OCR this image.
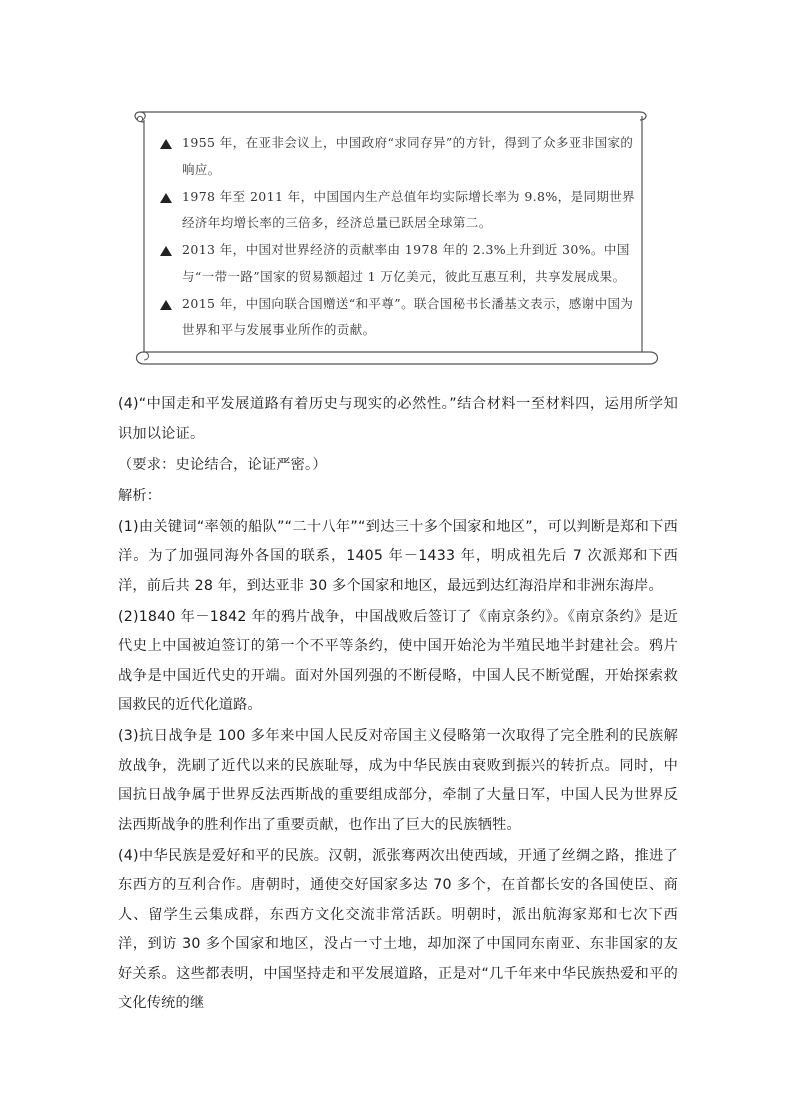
1955 年，在亚非会议上，中国政府“求同存异”的方针，得到了众多亚非国家的响应。
1978 年至 2011 年，中国国内生产总值年均实际增长率为 9.8%，是同期世界经济年均增长率的三倍多，经济总量已跃居全球第二。
2013 年，中国对世界经济的贡献率由 1978 年的 2.3%上升到近 30%。中国与“一带一路”国家的贸易额超过 1 万亿美元，彼此互惠互利，共享发展成果。
2015 年，中国向联合国赠送“和平尊”。联合国秘书长潘基文表示，感谢中国为世界和平与发展事业所作的贡献。

(4)“中国走和平发展道路有着历史与现实的必然性。”结合材料一至材料四，运用所学知识加以论证。

（要求：史论结合，论证严密。）

解析：

(1)由关键词“率领的船队”“二十八年”“到达三十多个国家和地区”，可以判断是郑和下西洋。为了加强同海外各国的联系，1405 年－1433 年，明成祖先后 7 次派郑和下西洋，前后共 28 年，到达亚非 30 多个国家和地区，最远到达红海沿岸和非洲东海岸。

(2)1840 年－1842 年的鸦片战争，中国战败后签订了《南京条约》。《南京条约》是近代史上中国被迫签订的第一个不平等条约，使中国开始沦为半殖民地半封建社会。鸦片战争是中国近代史的开端。面对外国列强的不断侵略，中国人民不断觉醒，开始探索救国救民的近代化道路。

(3)抗日战争是 100 多年来中国人民反对帝国主义侵略第一次取得了完全胜利的民族解放战争，洗刷了近代以来的民族耻辱，成为中华民族由衰败到振兴的转折点。同时，中国抗日战争属于世界反法西斯战的重要组成部分，牵制了大量日军，中国人民为世界反法西斯战争的胜利作出了重要贡献，也作出了巨大的民族牺牲。

(4)中华民族是爱好和平的民族。汉朝，派张骞两次出使西域，开通了丝绸之路，推进了东西方的互利合作。唐朝时，通使交好国家多达 70 多个，在首都长安的各国使臣、商人、留学生云集成群，东西方文化交流非常活跃。明朝时，派出航海家郑和七次下西洋，到访 30 多个国家和地区，没占一寸土地，却加深了中国同东南亚、东非国家的友好关系。这些都表明，中国坚持走和平发展道路，正是对“几千年来中华民族热爱和平的文化传统的继
